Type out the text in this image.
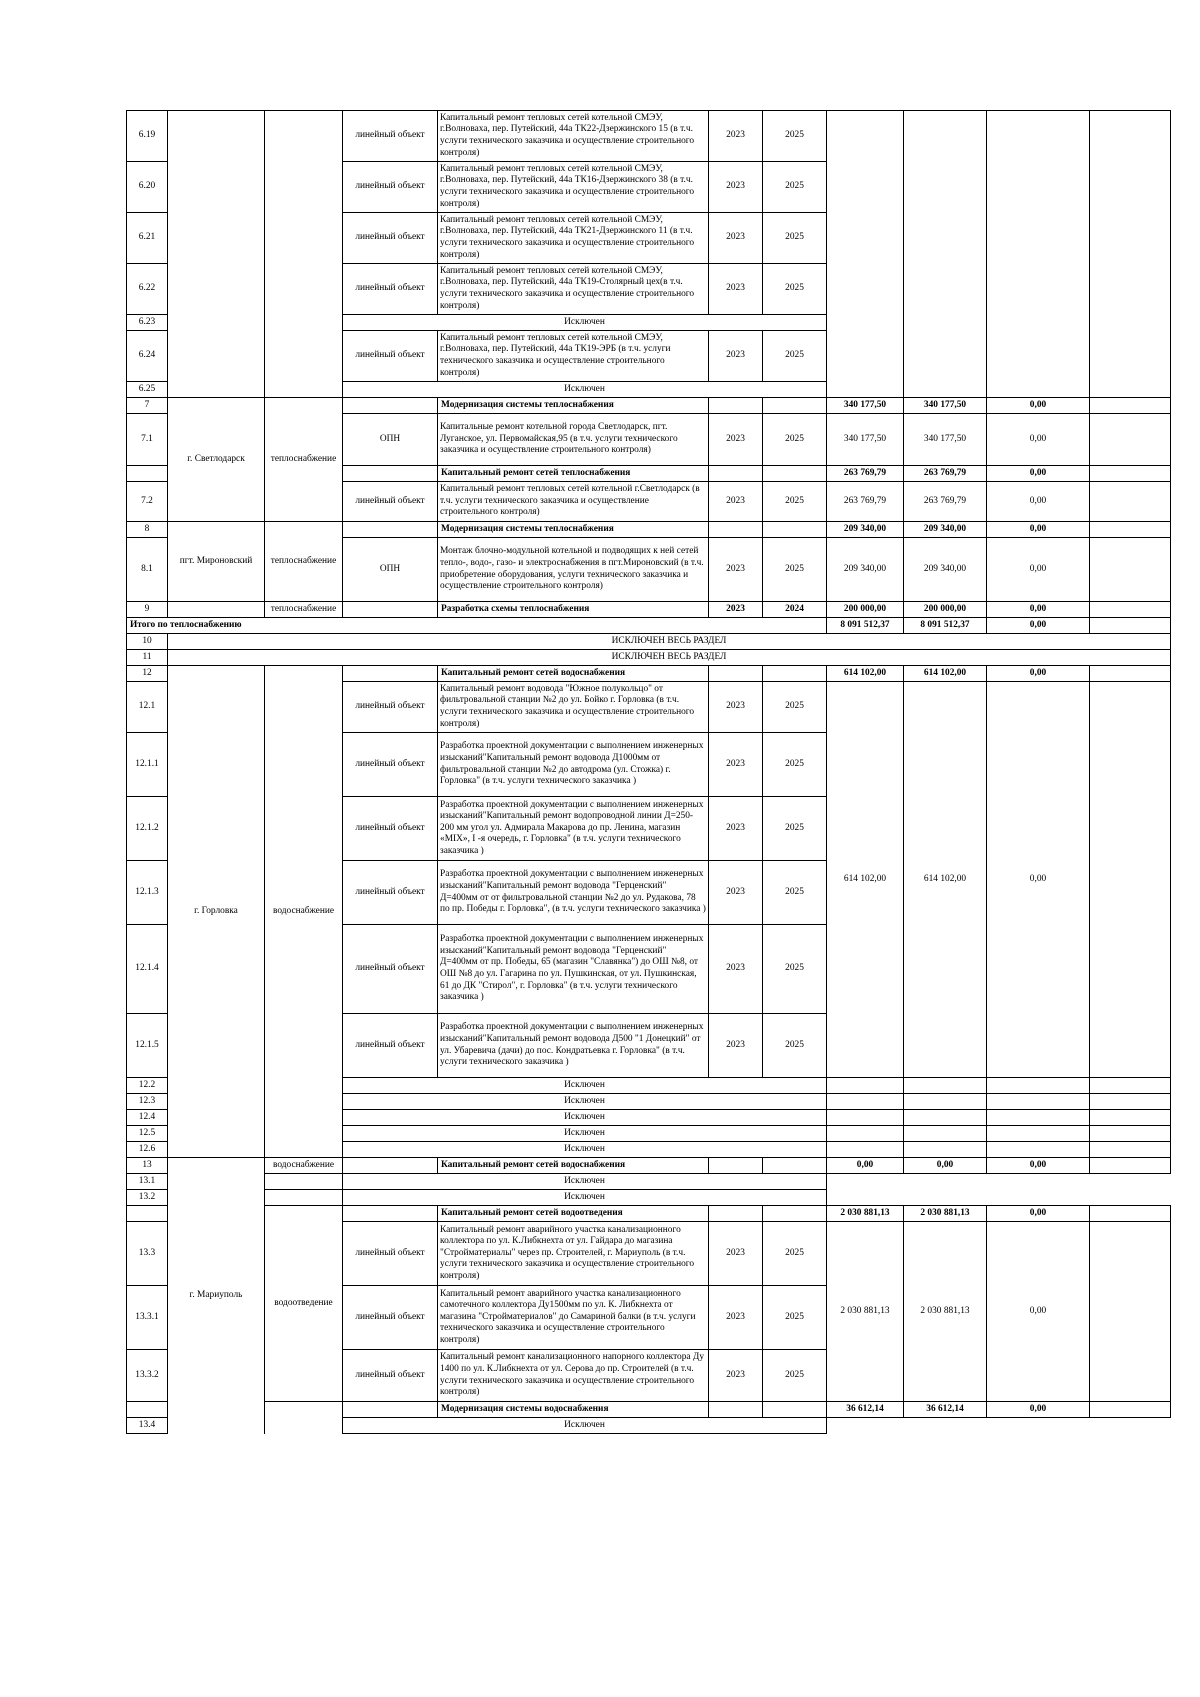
6.19			линейный объект	Капитальный ремонт тепловых сетей котельной СМЭУ, г.Волноваха, пер. Путейский, 44а ТК22-Дзержинского 15 (в т.ч. услуги технического заказчика и осуществление строительного контроля)	2023	2025				
6.20			линейный объект	Капитальный ремонт тепловых сетей котельной СМЭУ, г.Волноваха, пер. Путейский, 44а ТК16-Дзержинского 38 (в т.ч. услуги технического заказчика и осуществление строительного контроля)	2023	2025				
6.21			линейный объект	Капитальный ремонт тепловых сетей котельной СМЭУ, г.Волноваха, пер. Путейский, 44а ТК21-Дзержинского 11 (в т.ч. услуги технического заказчика и осуществление строительного контроля)	2023	2025				
6.22			линейный объект	Капитальный ремонт тепловых сетей котельной СМЭУ, г.Волноваха, пер. Путейский, 44а ТК19-Столярный цех(в т.ч. услуги технического заказчика и осуществление строительного контроля)	2023	2025				
6.23			Исключен							
6.24			линейный объект	Капитальный ремонт тепловых сетей котельной СМЭУ, г.Волноваха, пер. Путейский, 44а ТК19-ЭРБ (в т.ч. услуги технического заказчика и осуществление строительного контроля)	2023	2025				
6.25			Исключен							
7	г. Светлодарск	теплоснабжение		Модернизация системы теплоснабжения			340 177,50	340 177,50	0,00	
7.1			ОПН	Капитальные ремонт котельной города Светлодарск, пгт. Луганское, ул. Первомайская,95 (в т.ч. услуги технического заказчика и осуществление строительного контроля)	2023	2025	340 177,50	340 177,50	0,00	
				Капитальный ремонт сетей теплоснабжения			263 769,79	263 769,79	0,00	
7.2			линейный объект	Капитальный ремонт тепловых сетей котельной г.Светлодарск (в т.ч. услуги технического заказчика и осуществление строительного контроля)	2023	2025	263 769,79	263 769,79	0,00	
8	пгт. Мироновский	теплоснабжение		Модернизация системы теплоснабжения			209 340,00	209 340,00	0,00	
8.1			ОПН	Монтаж блочно-модульной котельной и подводящих к ней сетей тепло-, водо-, газо- и электроснабжения в пгт.Мироновский (в т.ч. приобретение оборудования, услуги технического заказчика и осуществление строительного контроля)	2023	2025	209 340,00	209 340,00	0,00	
9		теплоснабжение		Разработка схемы теплоснабжения	2023	2024	200 000,00	200 000,00	0,00	
Итого по теплоснабжению							8 091 512,37	8 091 512,37	0,00	
10	ИСКЛЮЧЕН ВЕСЬ РАЗДЕЛ									
11	ИСКЛЮЧЕН ВЕСЬ РАЗДЕЛ									
12	г. Горловка	водоснабжение		Капитальный ремонт сетей водоснабжения			614 102,00	614 102,00	0,00	
12.1			линейный объект	Капитальный ремонт водовода "Южное полукольцо" от фильтровальной станции №2 до ул. Бойко г. Горловка (в т.ч. услуги технического заказчика и осуществление строительного контроля)	2023	2025	614 102,00	614 102,00	0,00	
12.1.1			линейный объект	Разработка проектной документации с выполнением инженерных изысканий"Капитальный ремонт водовода Д1000мм от фильтровальной станции №2 до автодрома (ул. Стожка) г. Горловка" (в т.ч. услуги технического заказчика )	2023	2025				
12.1.2			линейный объект	Разработка проектной документации с выполнением инженерных изысканий"Капитальный ремонт водопроводной линии Д=250-200 мм угол ул. Адмирала Макарова до пр. Ленина, магазин «МIХ», I -я очередь, г. Горловка" (в т.ч. услуги технического заказчика )	2023	2025				
12.1.3			линейный объект	Разработка проектной документации с выполнением инженерных изысканий"Капитальный ремонт водовода "Герценский" Д=400мм от от фильтровальной станции №2 до ул. Рудакова, 78 по пр. Победы г. Горловка", (в т.ч. услуги технического заказчика )	2023	2025				
12.1.4			линейный объект	Разработка проектной документации с выполнением инженерных изысканий"Капитальный ремонт водовода "Герценский" Д=400мм от пр. Победы, 65 (магазин "Славянка") до ОШ №8, от ОШ №8 до ул. Гагарина по ул. Пушкинская, от ул. Пушкинская, 61 до ДК "Стирол", г. Горловка" (в т.ч. услуги технического заказчика )	2023	2025				
12.1.5			линейный объект	Разработка проектной документации с выполнением инженерных изысканий"Капитальный ремонт водовода Д500 "1 Донецкий" от ул. Убаревича (дачи) до пос. Кондратьевка г. Горловка" (в т.ч. услуги технического заказчика )	2023	2025				
12.2			Исключен							
12.3			Исключен							
12.4			Исключен							
12.5			Исключен							
12.6			Исключен							
13	г. Мариуполь	водоснабжение		Капитальный ремонт сетей водоснабжения			0,00	0,00	0,00	
13.1			Исключен							
13.2			Исключен							
		водоотведение		Капитальный ремонт сетей водоотведения			2 030 881,13	2 030 881,13	0,00	
13.3			линейный объект	Капитальный ремонт аварийного участка канализационного коллектора по ул. К.Либкнехта от ул. Гайдара до магазина "Стройматериалы" через пр. Строителей, г. Мариуполь (в т.ч. услуги технического заказчика и осуществление строительного контроля)	2023	2025	2 030 881,13	2 030 881,13	0,00	
13.3.1			линейный объект	Капитальный ремонт аварийного участка канализационного самотечного коллектора Ду1500мм по ул. К. Либкнехта от магазина "Стройматериалов" до Самариной балки (в т.ч. услуги технического заказчика и осуществление строительного контроля)	2023	2025				
13.3.2			линейный объект	Капитальный ремонт канализационного напорного коллектора Ду 1400 по ул. К.Либкнехта от ул. Серова до пр. Строителей (в т.ч. услуги технического заказчика и осуществление строительного контроля)	2023	2025				
				Модернизация системы водоснабжения			36 612,14	36 612,14	0,00	
13.4			Исключен							
